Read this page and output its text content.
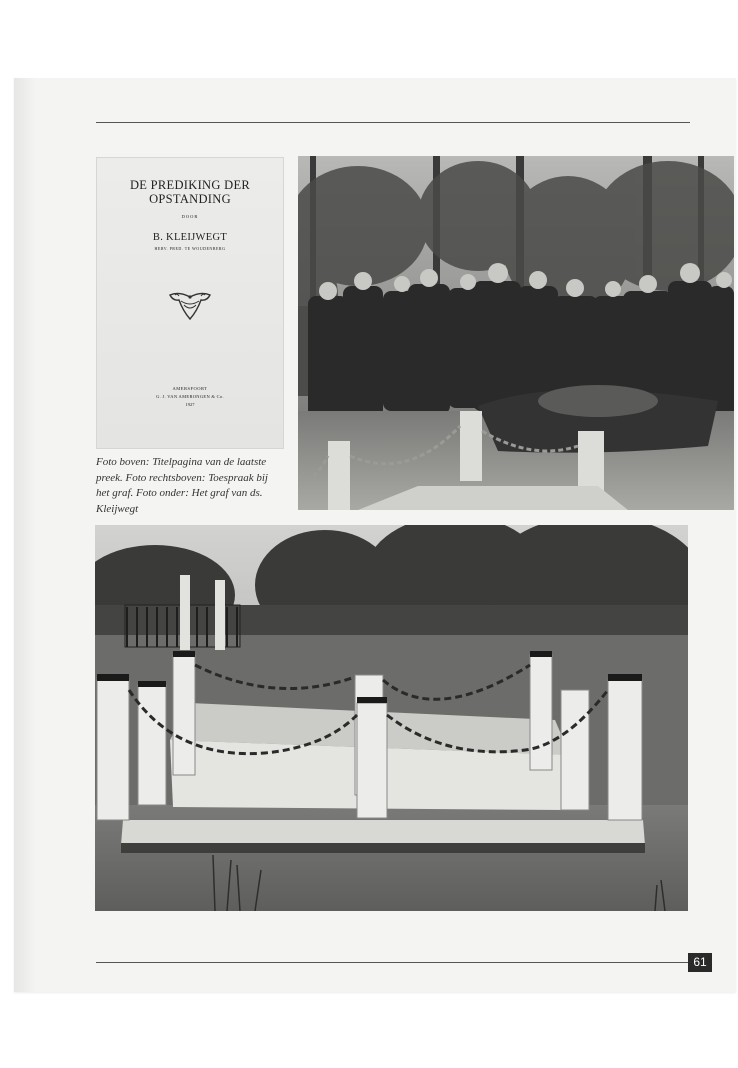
DE PREDIKING DER
OPSTANDING
DOOR
B. KLEIJWEGT
HERV. PRED. TE WOUDENBERG
AMERSFOORT
G. J. VAN AMERONGEN & Co.
1927
Foto boven: Titelpagina van de laatste preek. Foto rechtsboven: Toespraak bij het graf. Foto onder: Het graf van ds. Kleijwegt
61
